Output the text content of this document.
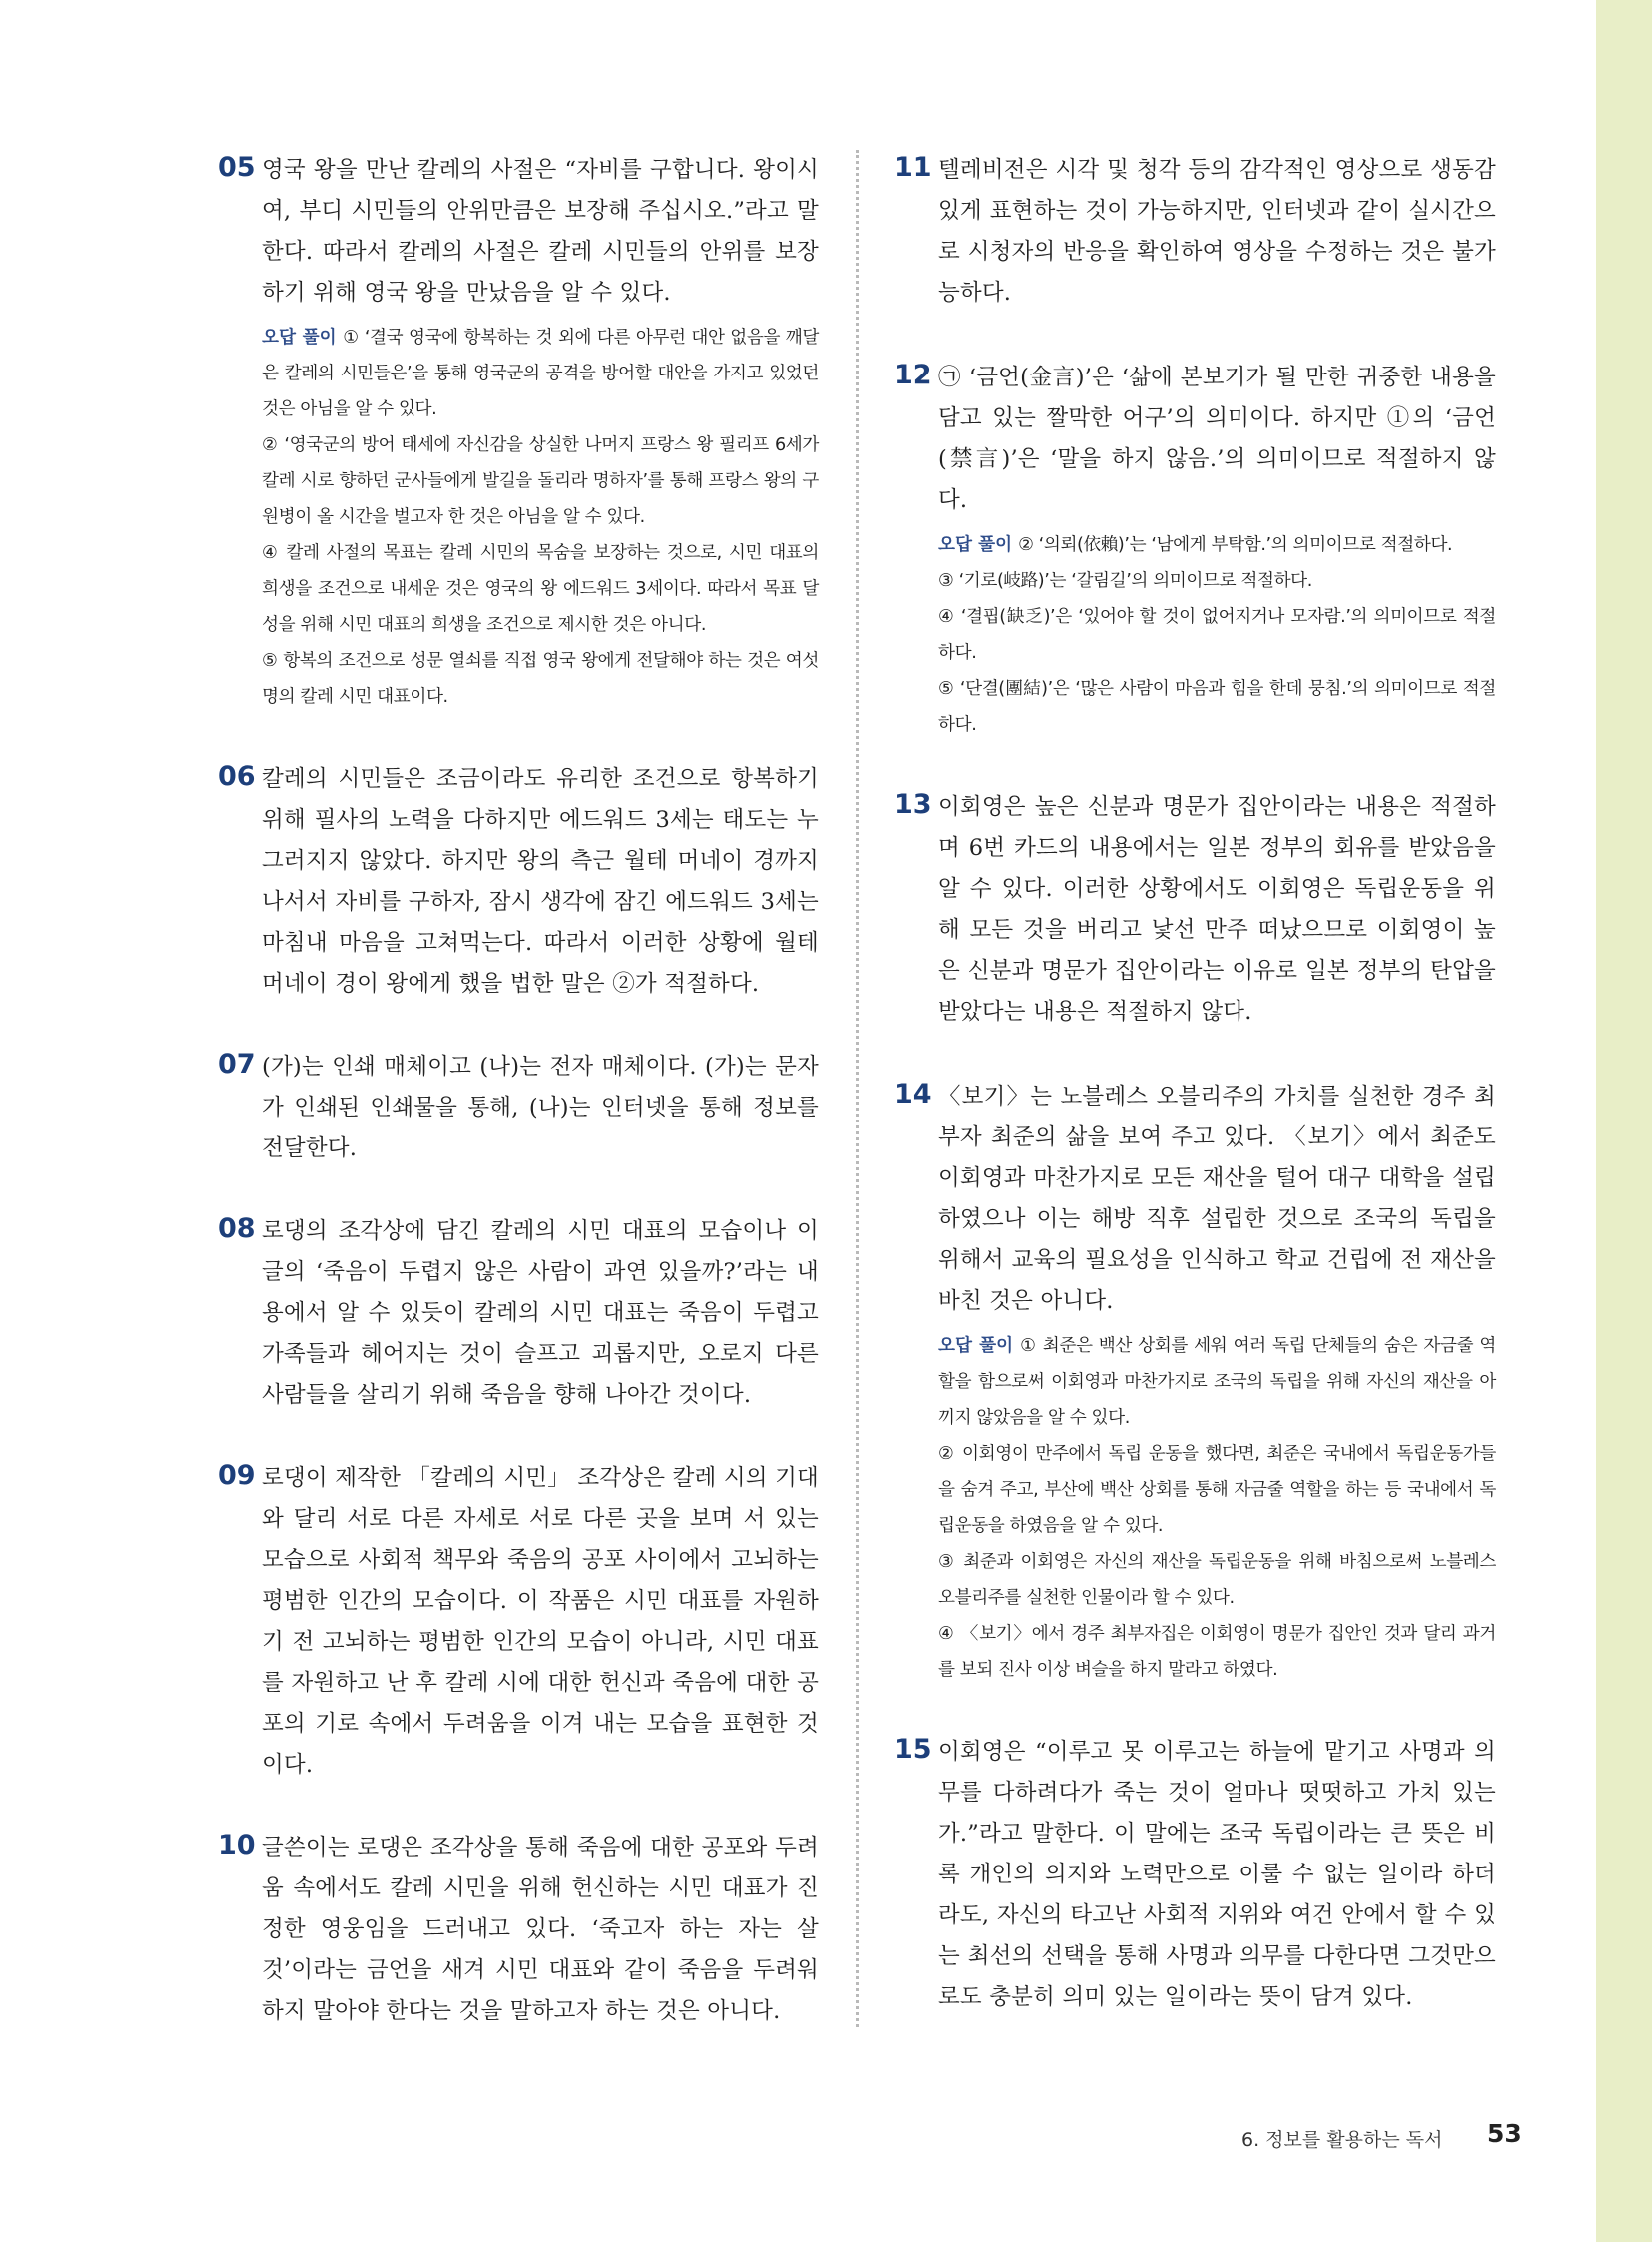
05 영국 왕을 만난 칼레의 사절은 “자비를 구합니다. 왕이시여, 부디 시민들의 안위만큼은 보장해 주십시오.”라고 말한다. 따라서 칼레의 사절은 칼레 시민들의 안위를 보장하기 위해 영국 왕을 만났음을 알 수 있다.

오답 풀이 ① ‘결국 영국에 항복하는 것 외에 다른 아무런 대안 없음을 깨달은 칼레의 시민들은’을 통해 영국군의 공격을 방어할 대안을 가지고 있었던 것은 아님을 알 수 있다.

② ‘영국군의 방어 태세에 자신감을 상실한 나머지 프랑스 왕 필리프 6세가 칼레 시로 향하던 군사들에게 발길을 돌리라 명하자’를 통해 프랑스 왕의 구원병이 올 시간을 벌고자 한 것은 아님을 알 수 있다.

④ 칼레 사절의 목표는 칼레 시민의 목숨을 보장하는 것으로, 시민 대표의 희생을 조건으로 내세운 것은 영국의 왕 에드워드 3세이다. 따라서 목표 달성을 위해 시민 대표의 희생을 조건으로 제시한 것은 아니다.

⑤ 항복의 조건으로 성문 열쇠를 직접 영국 왕에게 전달해야 하는 것은 여섯 명의 칼레 시민 대표이다.

06 칼레의 시민들은 조금이라도 유리한 조건으로 항복하기 위해 필사의 노력을 다하지만 에드워드 3세는 태도는 누그러지지 않았다. 하지만 왕의 측근 월테 머네이 경까지 나서서 자비를 구하자, 잠시 생각에 잠긴 에드워드 3세는 마침내 마음을 고쳐먹는다. 따라서 이러한 상황에 월테 머네이 경이 왕에게 했을 법한 말은 ②가 적절하다.

07 (가)는 인쇄 매체이고 (나)는 전자 매체이다. (가)는 문자가 인쇄된 인쇄물을 통해, (나)는 인터넷을 통해 정보를 전달한다.

08 로댕의 조각상에 담긴 칼레의 시민 대표의 모습이나 이 글의 ‘죽음이 두렵지 않은 사람이 과연 있을까?’라는 내용에서 알 수 있듯이 칼레의 시민 대표는 죽음이 두렵고 가족들과 헤어지는 것이 슬프고 괴롭지만, 오로지 다른 사람들을 살리기 위해 죽음을 향해 나아간 것이다.

09 로댕이 제작한 「칼레의 시민」 조각상은 칼레 시의 기대와 달리 서로 다른 자세로 서로 다른 곳을 보며 서 있는 모습으로 사회적 책무와 죽음의 공포 사이에서 고뇌하는 평범한 인간의 모습이다. 이 작품은 시민 대표를 자원하기 전 고뇌하는 평범한 인간의 모습이 아니라, 시민 대표를 자원하고 난 후 칼레 시에 대한 헌신과 죽음에 대한 공포의 기로 속에서 두려움을 이겨 내는 모습을 표현한 것이다.

10 글쓴이는 로댕은 조각상을 통해 죽음에 대한 공포와 두려움 속에서도 칼레 시민을 위해 헌신하는 시민 대표가 진정한 영웅임을 드러내고 있다. ‘죽고자 하는 자는 살 것’이라는 금언을 새겨 시민 대표와 같이 죽음을 두려워하지 말아야 한다는 것을 말하고자 하는 것은 아니다.

11 텔레비전은 시각 및 청각 등의 감각적인 영상으로 생동감 있게 표현하는 것이 가능하지만, 인터넷과 같이 실시간으로 시청자의 반응을 확인하여 영상을 수정하는 것은 불가능하다.

12 ㉠ ‘금언(金言)’은 ‘삶에 본보기가 될 만한 귀중한 내용을 담고 있는 짤막한 어구’의 의미이다. 하지만 ①의 ‘금언(禁言)’은 ‘말을 하지 않음.’의 의미이므로 적절하지 않다.

오답 풀이 ② ‘의뢰(依賴)’는 ‘남에게 부탁함.’의 의미이므로 적절하다.

③ ‘기로(岐路)’는 ‘갈림길’의 의미이므로 적절하다.

④ ‘결핍(缺乏)’은 ‘있어야 할 것이 없어지거나 모자람.’의 의미이므로 적절하다.

⑤ ‘단결(團結)’은 ‘많은 사람이 마음과 힘을 한데 뭉침.’의 의미이므로 적절하다.

13 이회영은 높은 신분과 명문가 집안이라는 내용은 적절하며 6번 카드의 내용에서는 일본 정부의 회유를 받았음을 알 수 있다. 이러한 상황에서도 이회영은 독립운동을 위해 모든 것을 버리고 낯선 만주 떠났으므로 이회영이 높은 신분과 명문가 집안이라는 이유로 일본 정부의 탄압을 받았다는 내용은 적절하지 않다.

14 〈보기〉는 노블레스 오블리주의 가치를 실천한 경주 최부자 최준의 삶을 보여 주고 있다. 〈보기〉에서 최준도 이회영과 마찬가지로 모든 재산을 털어 대구 대학을 설립하였으나 이는 해방 직후 설립한 것으로 조국의 독립을 위해서 교육의 필요성을 인식하고 학교 건립에 전 재산을 바친 것은 아니다.

오답 풀이 ① 최준은 백산 상회를 세워 여러 독립 단체들의 숨은 자금줄 역할을 함으로써 이회영과 마찬가지로 조국의 독립을 위해 자신의 재산을 아끼지 않았음을 알 수 있다.

② 이회영이 만주에서 독립 운동을 했다면, 최준은 국내에서 독립운동가들을 숨겨 주고, 부산에 백산 상회를 통해 자금줄 역할을 하는 등 국내에서 독립운동을 하였음을 알 수 있다.

③ 최준과 이회영은 자신의 재산을 독립운동을 위해 바침으로써 노블레스 오블리주를 실천한 인물이라 할 수 있다.

④ 〈보기〉에서 경주 최부자집은 이회영이 명문가 집안인 것과 달리 과거를 보되 진사 이상 벼슬을 하지 말라고 하였다.

15 이회영은 “이루고 못 이루고는 하늘에 맡기고 사명과 의무를 다하려다가 죽는 것이 얼마나 떳떳하고 가치 있는가.”라고 말한다. 이 말에는 조국 독립이라는 큰 뜻은 비록 개인의 의지와 노력만으로 이룰 수 없는 일이라 하더라도, 자신의 타고난 사회적 지위와 여건 안에서 할 수 있는 최선의 선택을 통해 사명과 의무를 다한다면 그것만으로도 충분히 의미 있는 일이라는 뜻이 담겨 있다.

6. 정보를 활용하는 독서 53
